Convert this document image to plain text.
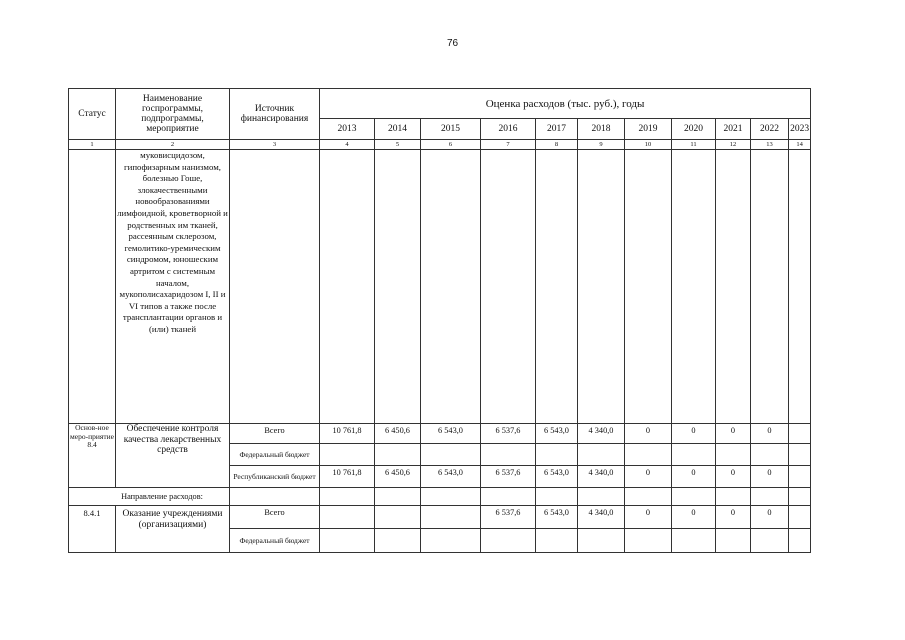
76
Статус	Наименование госпрограммы, подпрограммы, мероприятие	Источник финансирования	Оценка расходов (тыс. руб.), годы										
			2013	2014	2015	2016	2017	2018	2019	2020	2021	2022	2023
1	2	3	4	5	6	7	8	9	10	11	12	13	14
	муковисцидозом, гипофизарным нанизмом, болезнью Гоше, злокачественными новообразованиями лимфоидной, кроветворной и родственных им тканей, рассеянным склерозом, гемолитико-уремическим синдромом, юношеским артритом с системным началом, мукополисахаридозом I, II и VI типов а также после трансплантации органов и (или) тканей												
Основ-ное меро-приятие 8.4	Обеспечение контроля качества лекарственных средств	Всего	10 761,8	6 450,6	6 543,0	6 537,6	6 543,0	4 340,0	0	0	0	0	
		Федеральный бюджет											
		Республиканский бюджет	10 761,8	6 450,6	6 543,0	6 537,6	6 543,0	4 340,0	0	0	0	0	
Направление расходов:													
8.4.1	Оказание учреждениями (организациями)	Всего				6 537,6	6 543,0	4 340,0	0	0	0	0	
		Федеральный бюджет											
